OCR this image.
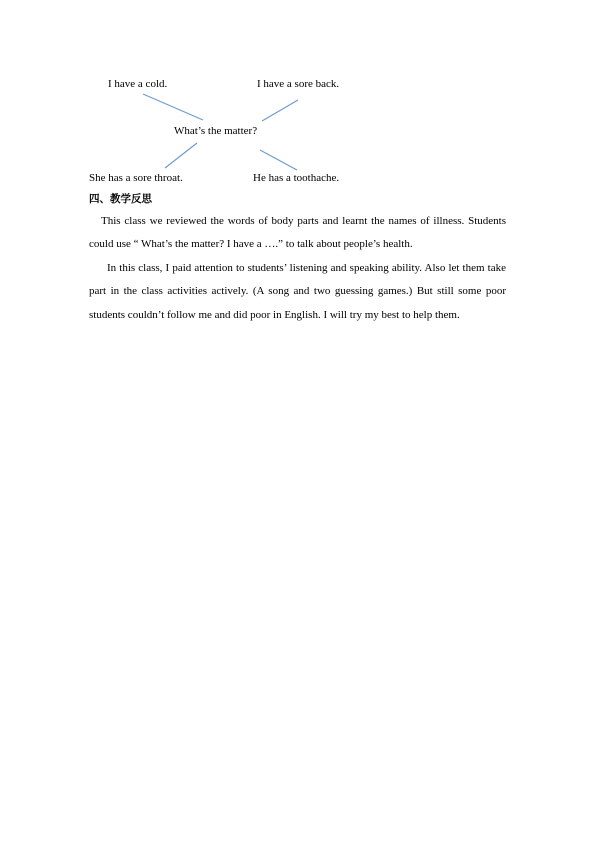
I have a cold.	I have a sore back.
What’s the matter?
She has a sore throat.	He has a toothache.
四、教学反思
This class we reviewed the words of body parts and learnt the names of illness. Students could use “ What’s the matter? I have a ….” to talk about people’s health.
In this class, I paid attention to students’ listening and speaking ability. Also let them take part in the class activities actively. (A song and two guessing games.) But still some poor students couldn’t follow me and did poor in English. I will try my best to help them.
